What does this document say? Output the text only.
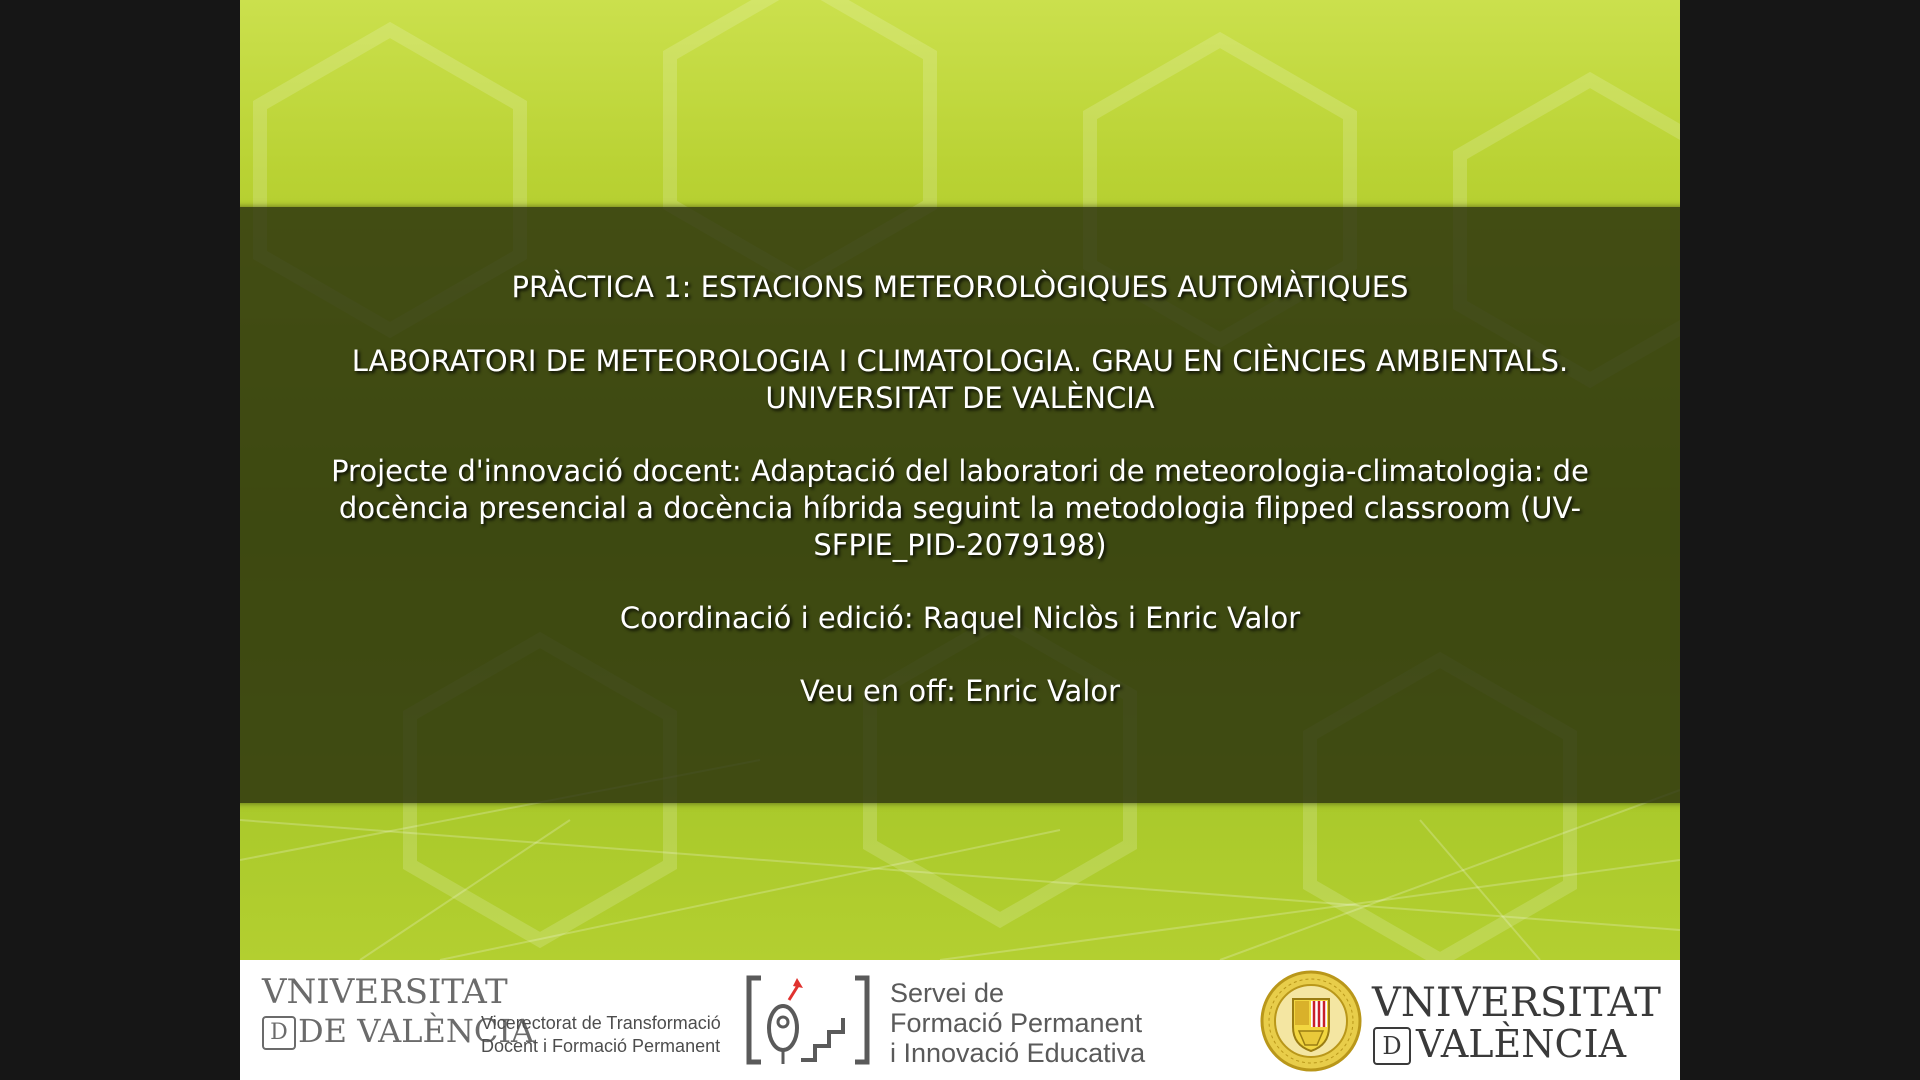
PRÀCTICA 1: ESTACIONS METEOROLÒGIQUES AUTOMÀTIQUES
LABORATORI DE METEOROLOGIA I CLIMATOLOGIA. GRAU EN CIÈNCIES AMBIENTALS.
UNIVERSITAT DE VALÈNCIA
Projecte d'innovació docent: Adaptació del laboratori de meteorologia-climatologia: de
docència presencial a docència híbrida seguint la metodologia flipped classroom (UV-
SFPIE_PID-2079198)
Coordinació i edició: Raquel Niclòs i Enric Valor
Veu en off: Enric Valor
VNIVERSITAT
D DE VALÈNCIA
Vicerectorat de Transformació
Docent i Formació Permanent
Servei de
Formació Permanent
i Innovació Educativa
VNIVERSITAT
D VALÈNCIA
